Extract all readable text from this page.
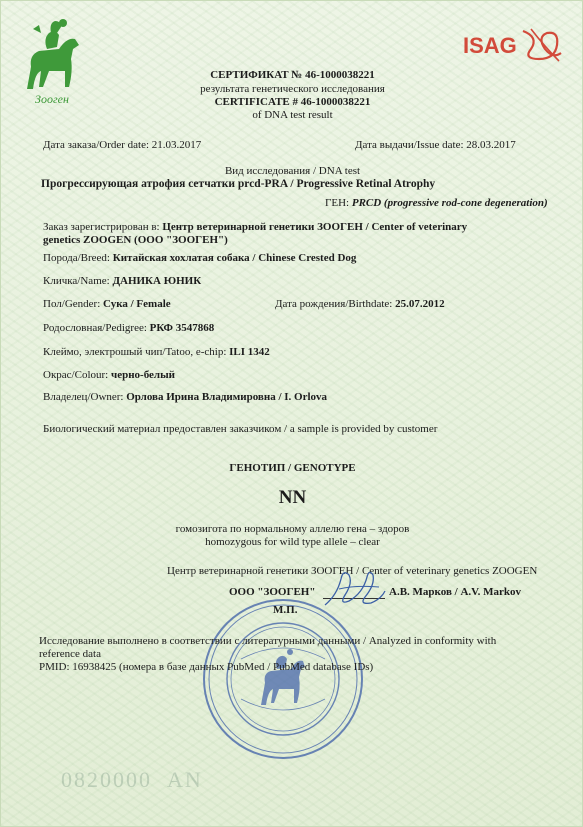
Зооген
ISAG
СЕРТИФИКАТ № 46-1000038221
результата генетического исследования
CERTIFICATE # 46-1000038221
of DNA test result
Дата заказа/Order date: 21.03.2017	Дата выдачи/Issue date: 28.03.2017
Вид исследования / DNA test
Прогрессирующая атрофия сетчатки prcd-PRA / Progressive Retinal Atrophy
ГЕН: PRCD (progressive rod-cone degeneration)
Заказ зарегистрирован в: Центр ветеринарной генетики ЗООГЕН / Center of veterinary
genetics ZOOGEN (ООО "ЗООГЕН")
Порода/Breed: Китайская хохлатая собака / Chinese Crested Dog
Кличка/Name: ДАНИКА ЮНИК
Пол/Gender: Сука / Female	Дата рождения/Birthdate: 25.07.2012
Родословная/Pedigree: РКФ 3547868
Клеймо, электрошый чип/Tatoo, e-chip: ILI 1342
Окрас/Colour: черно-белый
Владелец/Owner: Орлова Ирина Владимировна / I. Orlova
Биологический материал предоставлен заказчиком / a sample is provided by customer
ГЕНОТИП / GENOTYPE
NN
гомозигота по нормальному аллелю гена – здоров
homozygous for wild type allele – clear
Центр ветеринарной генетики ЗООГЕН / Center of veterinary genetics ZOOGEN
ООО "ЗООГЕН"	А.В. Марков / A.V. Markov
М.П.
Исследование выполнено в соответствии с литературными данными / Analyzed in conformity with
reference data
PMID: 16938425 (номера в базе данных PubMed / PubMed database IDs)
0820000  AN
